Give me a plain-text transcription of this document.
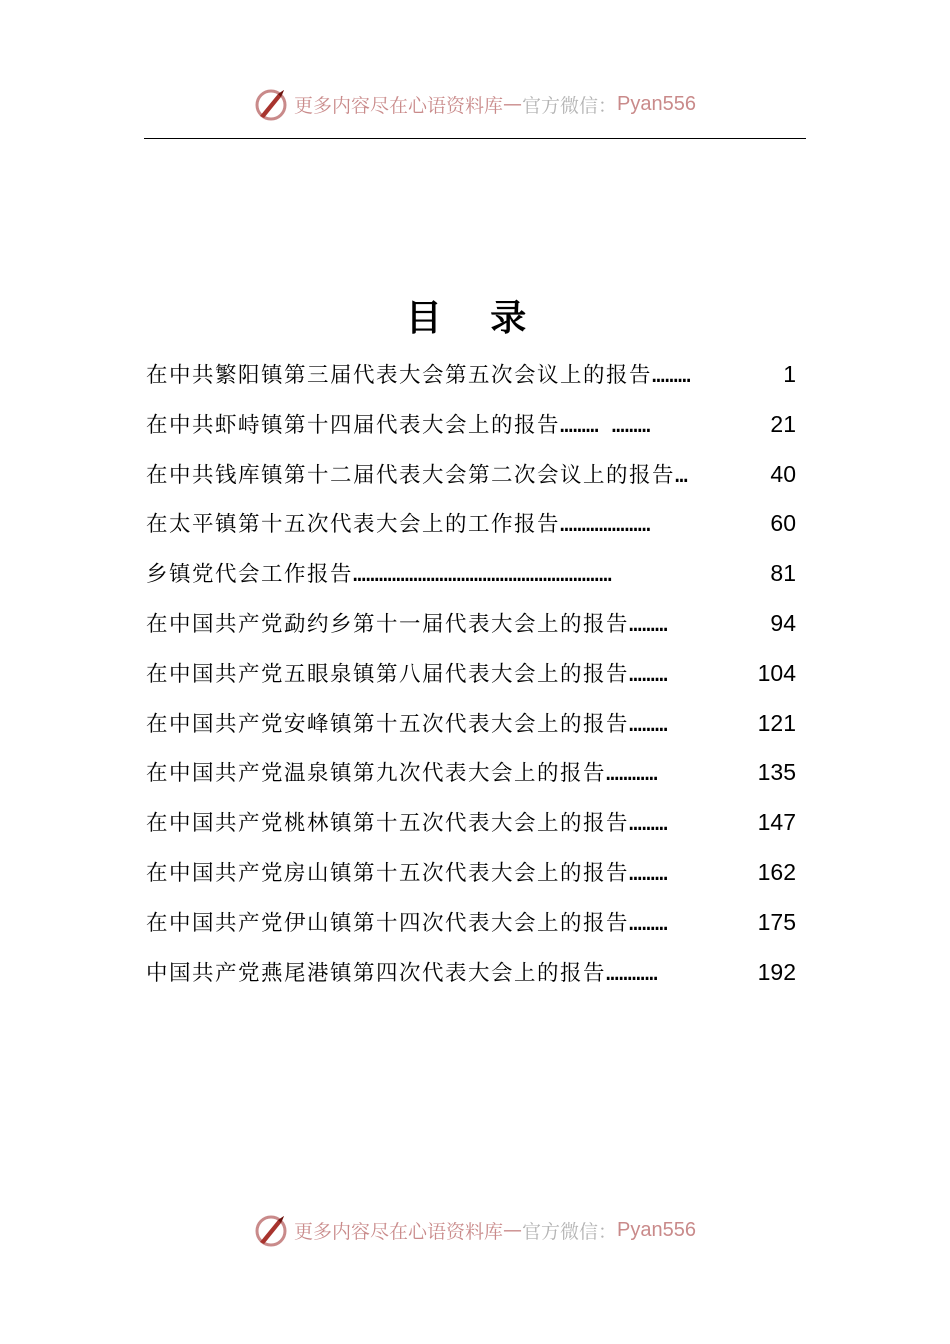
更多内容尽在心语资料库 — 官方微信： Pyan556
目 录
在中共繁阳镇第三届代表大会第五次会议上的报告 ………	1
在中共虾峙镇第十四届代表大会上的报告 ……… ………	21
在中共钱库镇第十二届代表大会第二次会议上的报告 …	40
在太平镇第十五次代表大会上的工作报告 …………………	60
乡镇党代会工作报告 ……………………………………………………	81
在中国共产党勐约乡第十一届代表大会上的报告 ………	94
在中国共产党五眼泉镇第八届代表大会上的报告 ………	104
在中国共产党安峰镇第十五次代表大会上的报告 ………	121
在中国共产党温泉镇第九次代表大会上的报告 …………	135
在中国共产党桃林镇第十五次代表大会上的报告 ………	147
在中国共产党房山镇第十五次代表大会上的报告 ………	162
在中国共产党伊山镇第十四次代表大会上的报告 ………	175
中国共产党燕尾港镇第四次代表大会上的报告 …………	192
更多内容尽在心语资料库 — 官方微信： Pyan556
